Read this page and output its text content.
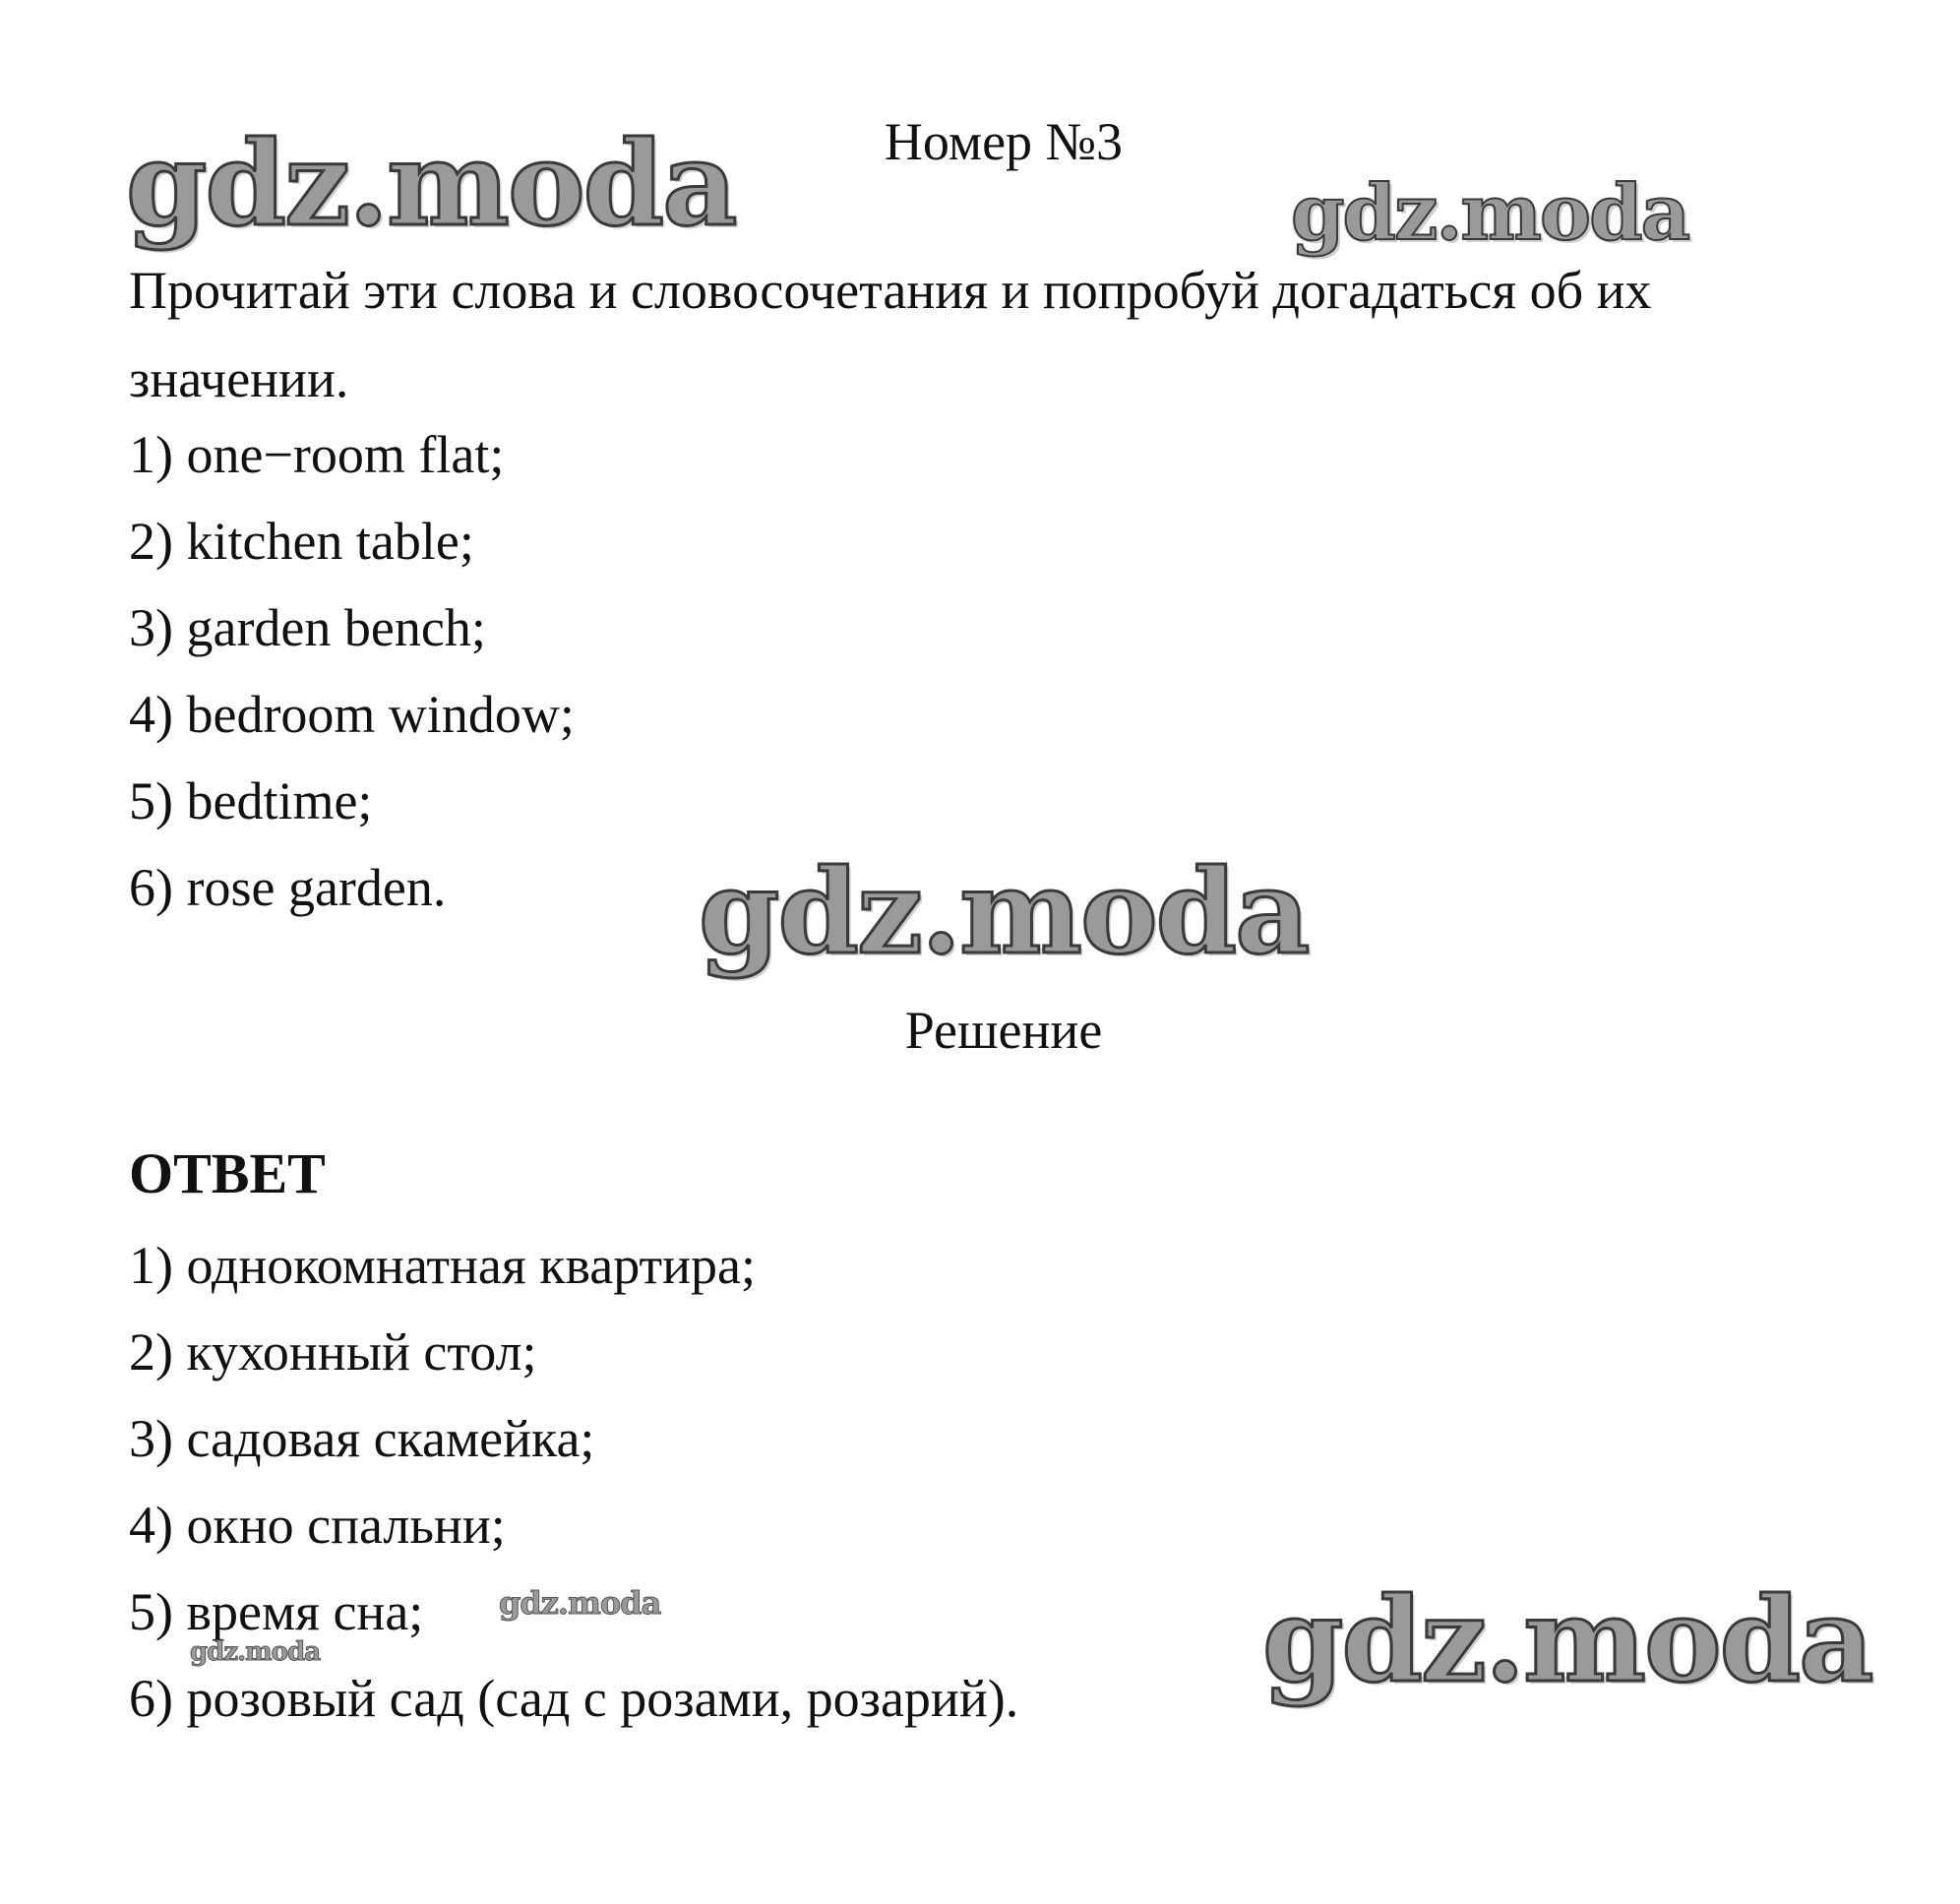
Номер №3
Прочитай эти слова и словосочетания и попробуй догадаться об их значении.
1) one−room flat;
2) kitchen table;
3) garden bench;
4) bedroom window;
5) bedtime;
6) rose garden.
Решение
ОТВЕТ
1) однокомнатная квартира;
2) кухонный стол;
3) садовая скамейка;
4) окно спальни;
5) время сна;
6) розовый сад (сад с розами, розарий).
gdz.moda	gdz.moda
gdz.moda
gdz.moda
gdz.moda
gdz.moda
